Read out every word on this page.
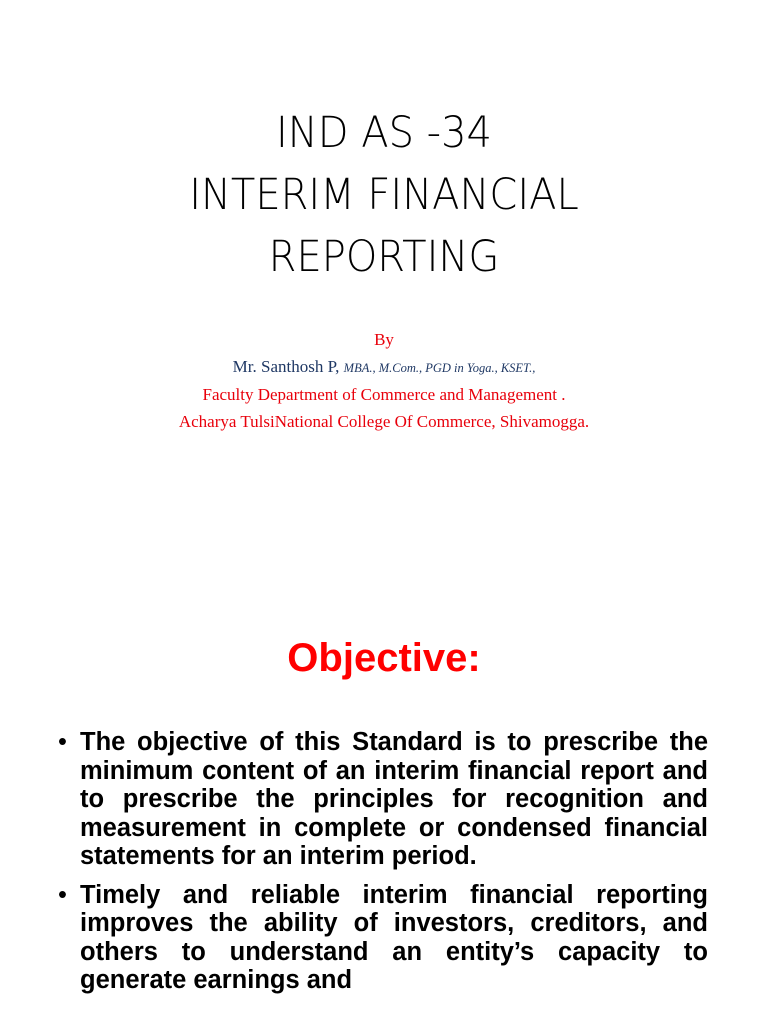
IND AS -34
INTERIM FINANCIAL
REPORTING
By
Mr. Santhosh P, MBA., M.Com., PGD in Yoga., KSET.,
Faculty Department of Commerce and Management .
Acharya TulsiNational College Of Commerce, Shivamogga.
Objective:
• The objective of this Standard is to prescribe the minimum content of an interim financial report and to prescribe the principles for recognition and measurement in complete or condensed financial statements for an interim period.
• Timely and reliable interim financial reporting improves the ability of investors, creditors, and others to understand an entity’s capacity to generate earnings and
